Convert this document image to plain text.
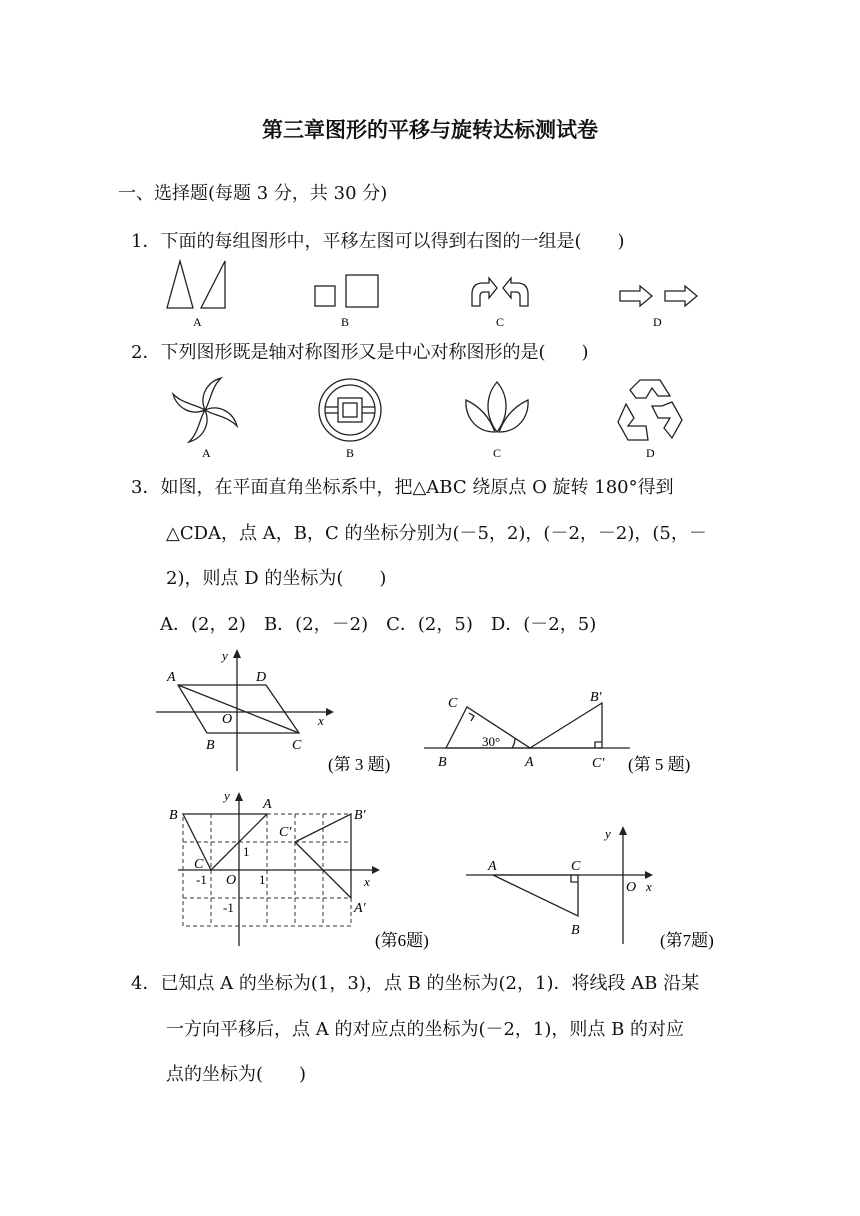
第三章图形的平移与旋转达标测试卷
一、选择题(每题 3 分，共 30 分)
1．下面的每组图形中，平移左图可以得到右图的一组是(　　)
A	B	C	D
2．下列图形既是轴对称图形又是中心对称图形的是(　　)
A	B	C	D
3．如图，在平面直角坐标系中，把△ABC 绕原点 O 旋转 180°得到
△CDA，点 A，B，C 的坐标分别为(－5，2)，(－2，－2)，(5，－
2)，则点 D 的坐标为(　　)
A．(2，2)　B．(2，－2)　C．(2，5)　D．(－2，5)
A	D
B	C
O	x
y
(第 3 题)
C
B	A
B′
C′
30°
(第 5 题)
B
A
C
B′
C′
A′
O
-1	1
1
-1
x
y
(第6题)
A	C
B
O x
y
(第7题)
4．已知点 A 的坐标为(1，3)，点 B 的坐标为(2，1)．将线段 AB 沿某
一方向平移后，点 A 的对应点的坐标为(－2，1)，则点 B 的对应
点的坐标为(　　)
